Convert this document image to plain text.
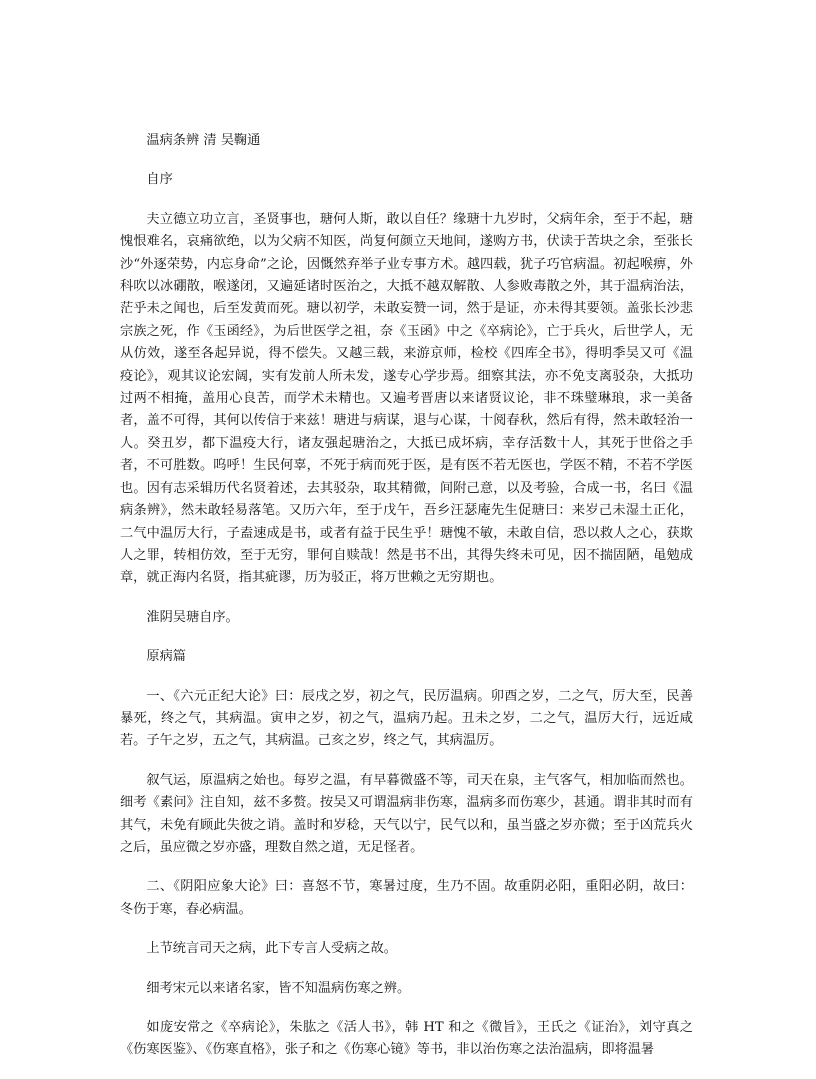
温病条辨 清 吴鞠通

自序

夫立德立功立言，圣贤事也，瑭何人斯，敢以自任？缘瑭十九岁时，父病年余，至于不起，瑭愧恨难名，哀痛欲绝，以为父病不知医，尚复何颜立天地间，遂购方书，伏读于苦块之余，至张长沙“外逐荣势，内忘身命”之论，因慨然弃举子业专事方术。越四载，犹子巧官病温。初起喉痹，外科吹以冰硼散，喉遂闭，又遍延诸时医治之，大抵不越双解散、人参败毒散之外，其于温病治法，茫乎未之闻也，后至发黄而死。瑭以初学，未敢妄赞一词，然于是证，亦未得其要领。盖张长沙悲宗族之死，作《玉函经》，为后世医学之祖，奈《玉函》中之《卒病论》，亡于兵火，后世学人，无从仿效，遂至各起异说，得不偿失。又越三载，来游京师，检校《四库全书》，得明季吴又可《温疫论》，观其议论宏阔，实有发前人所未发，遂专心学步焉。细察其法，亦不免支离驳杂，大抵功过两不相掩，盖用心良苦，而学术未精也。又遍考晋唐以来诸贤议论，非不珠璧琳琅，求一美备者，盖不可得，其何以传信于来兹！瑭进与病谋，退与心谋，十阅春秋，然后有得，然未敢轻治一人。癸丑岁，都下温疫大行，诸友强起瑭治之，大抵已成坏病，幸存活数十人，其死于世俗之手者，不可胜数。呜呼！生民何辜，不死于病而死于医，是有医不若无医也，学医不精，不若不学医也。因有志采辑历代名贤着述，去其驳杂，取其精微，间附己意，以及考验，合成一书，名曰《温病条辨》，然未敢轻易落笔。又历六年，至于戊午，吾乡汪瑟庵先生促瑭曰：来岁己未湿土正化，二气中温厉大行，子盍速成是书，或者有益于民生乎！瑭愧不敏，未敢自信，恐以救人之心，获欺人之罪，转相仿效，至于无穷，罪何自赎哉！然是书不出，其得失终未可见，因不揣固陋，黾勉成章，就正海内名贤，指其疵谬，历为驳正，将万世赖之无穷期也。

淮阴吴瑭自序。

原病篇

一、《六元正纪大论》曰：辰戌之岁，初之气，民厉温病。卯酉之岁，二之气，厉大至，民善暴死，终之气，其病温。寅申之岁，初之气，温病乃起。丑未之岁，二之气，温厉大行，远近咸若。子午之岁，五之气，其病温。己亥之岁，终之气，其病温厉。

叙气运，原温病之始也。每岁之温，有早暮微盛不等，司天在泉，主气客气，相加临而然也。细考《素问》注自知，兹不多赘。按吴又可谓温病非伤寒，温病多而伤寒少，甚通。谓非其时而有其气，未免有顾此失彼之诮。盖时和岁稔，天气以宁，民气以和，虽当盛之岁亦微；至于凶荒兵火之后，虽应微之岁亦盛，理数自然之道，无足怪者。

二、《阴阳应象大论》曰：喜怒不节，寒暑过度，生乃不固。故重阴必阳，重阳必阴，故曰：冬伤于寒，春必病温。

上节统言司天之病，此下专言人受病之故。

细考宋元以来诸名家，皆不知温病伤寒之辨。

如庞安常之《卒病论》，朱肱之《活人书》，韩 HT 和之《微旨》，王氏之《证治》，刘守真之《伤寒医鉴》、《伤寒直格》，张子和之《伤寒心镜》等书，非以治伤寒之法治温病，即将温暑
